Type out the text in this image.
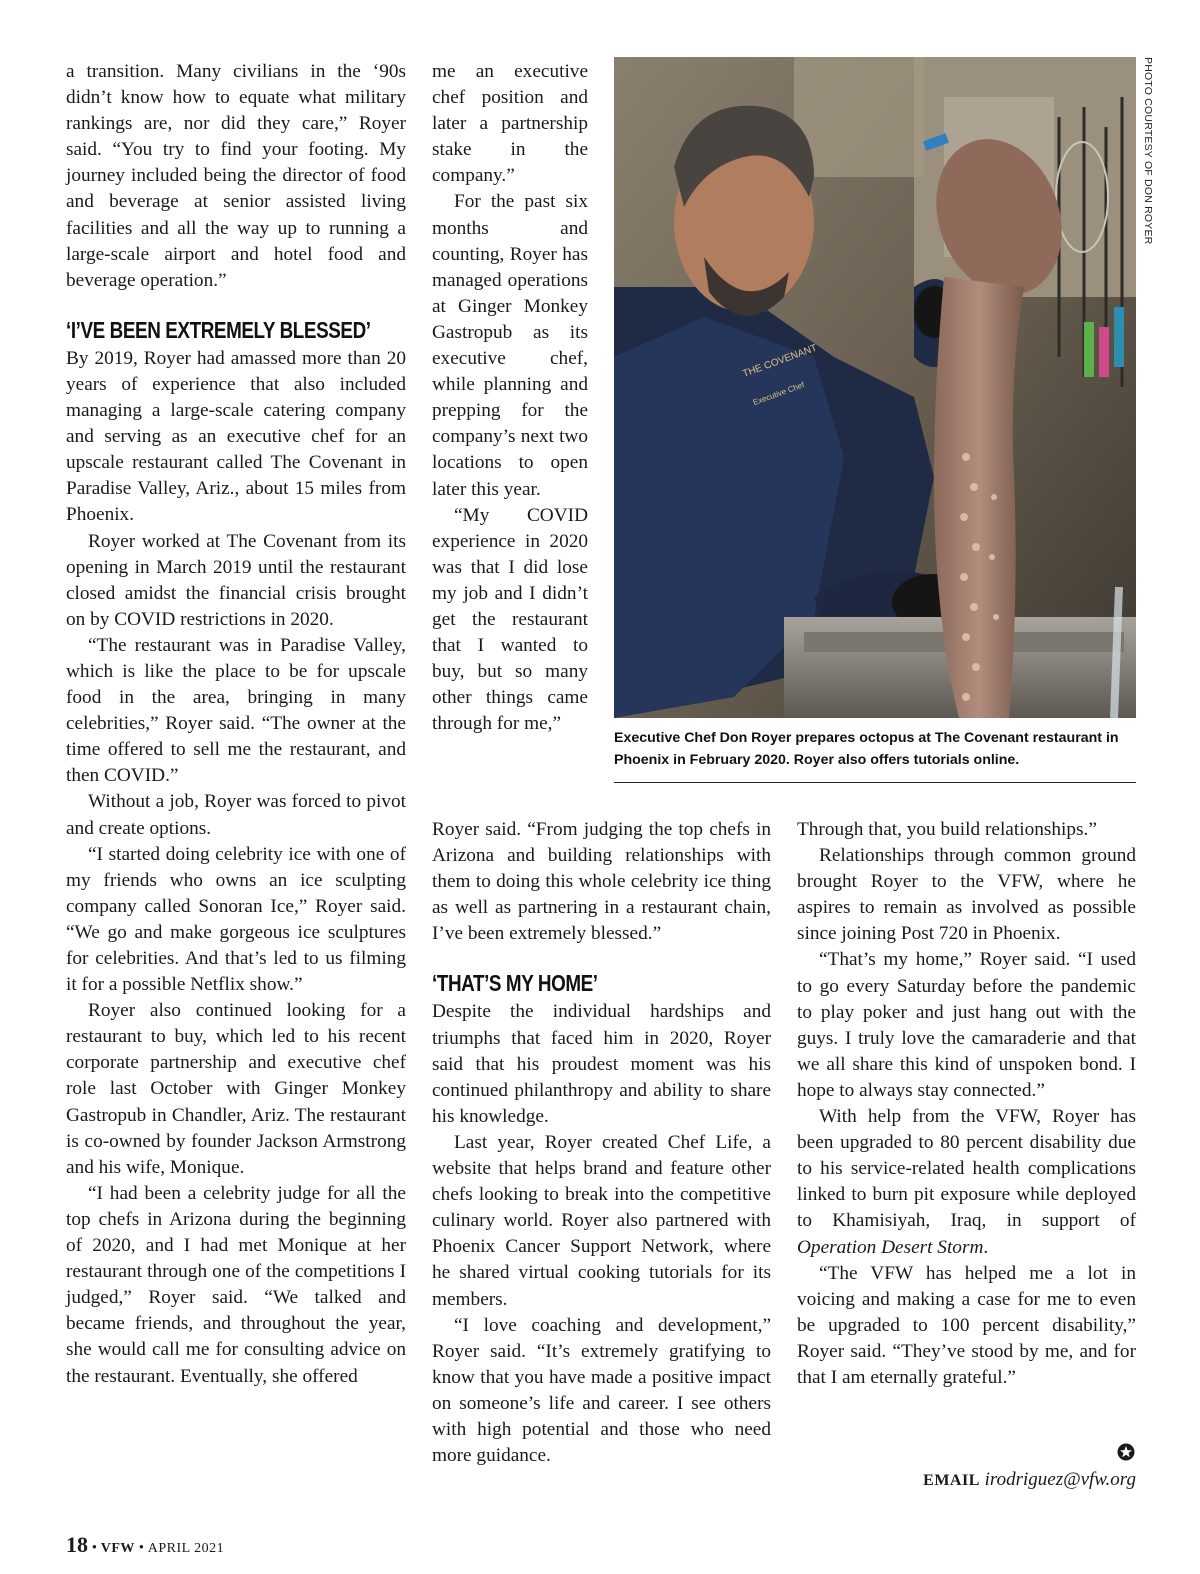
a transition. Many civilians in the ‘90s didn’t know how to equate what military rankings are, nor did they care,” Royer said. “You try to find your footing. My journey included being the director of food and beverage at senior assisted living facilities and all the way up to running a large-scale airport and hotel food and beverage operation.”

‘I’VE BEEN EXTREMELY BLESSED’

By 2019, Royer had amassed more than 20 years of experience that also included managing a large-scale catering company and serving as an executive chef for an upscale restaurant called The Covenant in Paradise Valley, Ariz., about 15 miles from Phoenix.

Royer worked at The Covenant from its opening in March 2019 until the restaurant closed amidst the financial crisis brought on by COVID restrictions in 2020.

“The restaurant was in Paradise Valley, which is like the place to be for upscale food in the area, bringing in many celebrities,” Royer said. “The owner at the time offered to sell me the restaurant, and then COVID.”

Without a job, Royer was forced to pivot and create options.

“I started doing celebrity ice with one of my friends who owns an ice sculpting company called Sonoran Ice,” Royer said. “We go and make gorgeous ice sculptures for celebrities. And that’s led to us filming it for a possible Netflix show.”

Royer also continued looking for a restaurant to buy, which led to his recent corporate partnership and executive chef role last October with Ginger Monkey Gastropub in Chandler, Ariz. The restaurant is co-owned by founder Jackson Armstrong and his wife, Monique.

“I had been a celebrity judge for all the top chefs in Arizona during the beginning of 2020, and I had met Monique at her restaurant through one of the competitions I judged,” Royer said. “We talked and became friends, and throughout the year, she would call me for consulting advice on the restaurant. Eventually, she offered

me an executive chef position and later a partnership stake in the company.”

For the past six months and counting, Royer has managed operations at Ginger Monkey Gastropub as its executive chef, while planning and prepping for the company’s next two locations to open later this year.

“My COVID experience in 2020 was that I did lose my job and I didn’t get the restaurant that I wanted to buy, but so many other things came through for me,”

Royer said. “From judging the top chefs in Arizona and building relationships with them to doing this whole celebrity ice thing as well as partnering in a restaurant chain, I’ve been extremely blessed.”

‘THAT’S MY HOME’

Despite the individual hardships and triumphs that faced him in 2020, Royer said that his proudest moment was his continued philanthropy and ability to share his knowledge.

Last year, Royer created Chef Life, a website that helps brand and feature other chefs looking to break into the competitive culinary world. Royer also partnered with Phoenix Cancer Support Network, where he shared virtual cooking tutorials for its members.

“I love coaching and development,” Royer said. “It’s extremely gratifying to know that you have made a positive impact on someone’s life and career. I see others with high potential and those who need more guidance.

Through that, you build relationships.”

Relationships through common ground brought Royer to the VFW, where he aspires to remain as involved as possible since joining Post 720 in Phoenix.

“That’s my home,” Royer said. “I used to go every Saturday before the pandemic to play poker and just hang out with the guys. I truly love the camaraderie and that we all share this kind of unspoken bond. I hope to always stay connected.”

With help from the VFW, Royer has been upgraded to 80 percent disability due to his service-related health complications linked to burn pit exposure while deployed to Khamisiyah, Iraq, in support of Operation Desert Storm.

“The VFW has helped me a lot in voicing and making a case for me to even be upgraded to 100 percent disability,” Royer said. “They’ve stood by me, and for that I am eternally grateful.”

THE COVENANT
Executive Chef
PHOTO COURTESY OF DON ROYER
Executive Chef Don Royer prepares octopus at The Covenant restaurant in Phoenix in February 2020. Royer also offers tutorials online.
EMAIL irodriguez@vfw.org
18 • VFW • APRIL 2021
